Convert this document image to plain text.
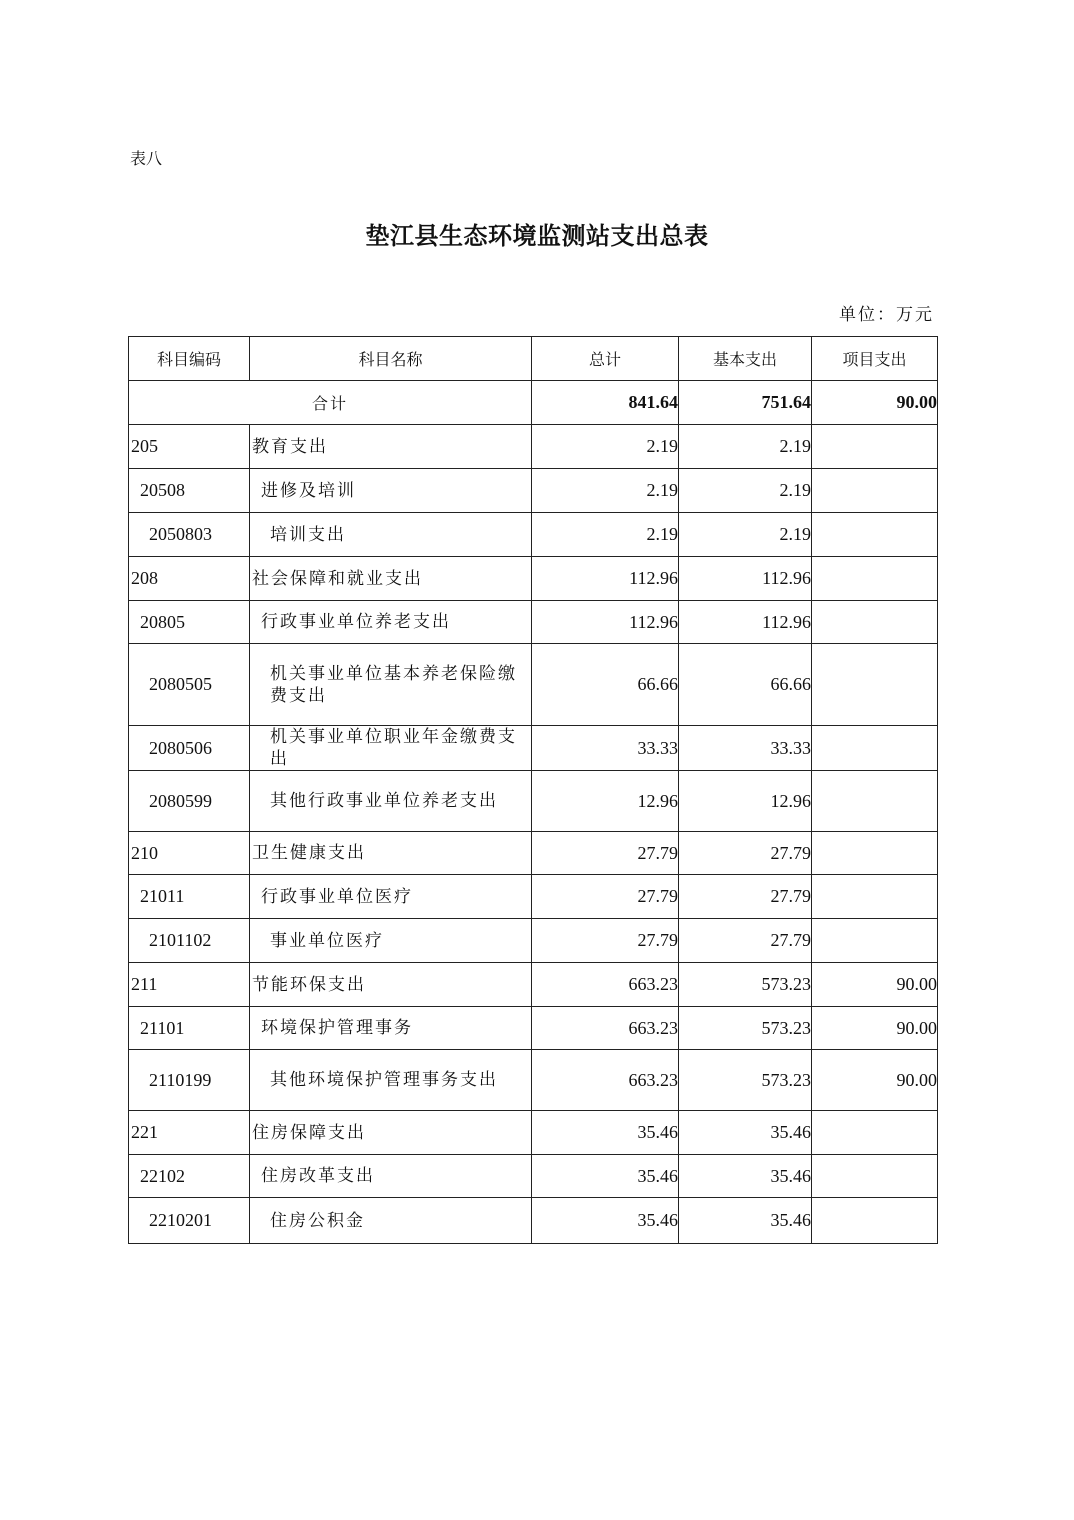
表八
垫江县生态环境监测站支出总表
单位：万元
科目编码	科目名称	总计	基本支出	项目支出
合计		841.64	751.64	90.00
205	教育支出	2.19	2.19	
20508	进修及培训	2.19	2.19	
2050803	培训支出	2.19	2.19	
208	社会保障和就业支出	112.96	112.96	
20805	行政事业单位养老支出	112.96	112.96	
2080505	机关事业单位基本养老保险缴费支出	66.66	66.66	
2080506	机关事业单位职业年金缴费支出	33.33	33.33	
2080599	其他行政事业单位养老支出	12.96	12.96	
210	卫生健康支出	27.79	27.79	
21011	行政事业单位医疗	27.79	27.79	
2101102	事业单位医疗	27.79	27.79	
211	节能环保支出	663.23	573.23	90.00
21101	环境保护管理事务	663.23	573.23	90.00
2110199	其他环境保护管理事务支出	663.23	573.23	90.00
221	住房保障支出	35.46	35.46	
22102	住房改革支出	35.46	35.46	
2210201	住房公积金	35.46	35.46	
